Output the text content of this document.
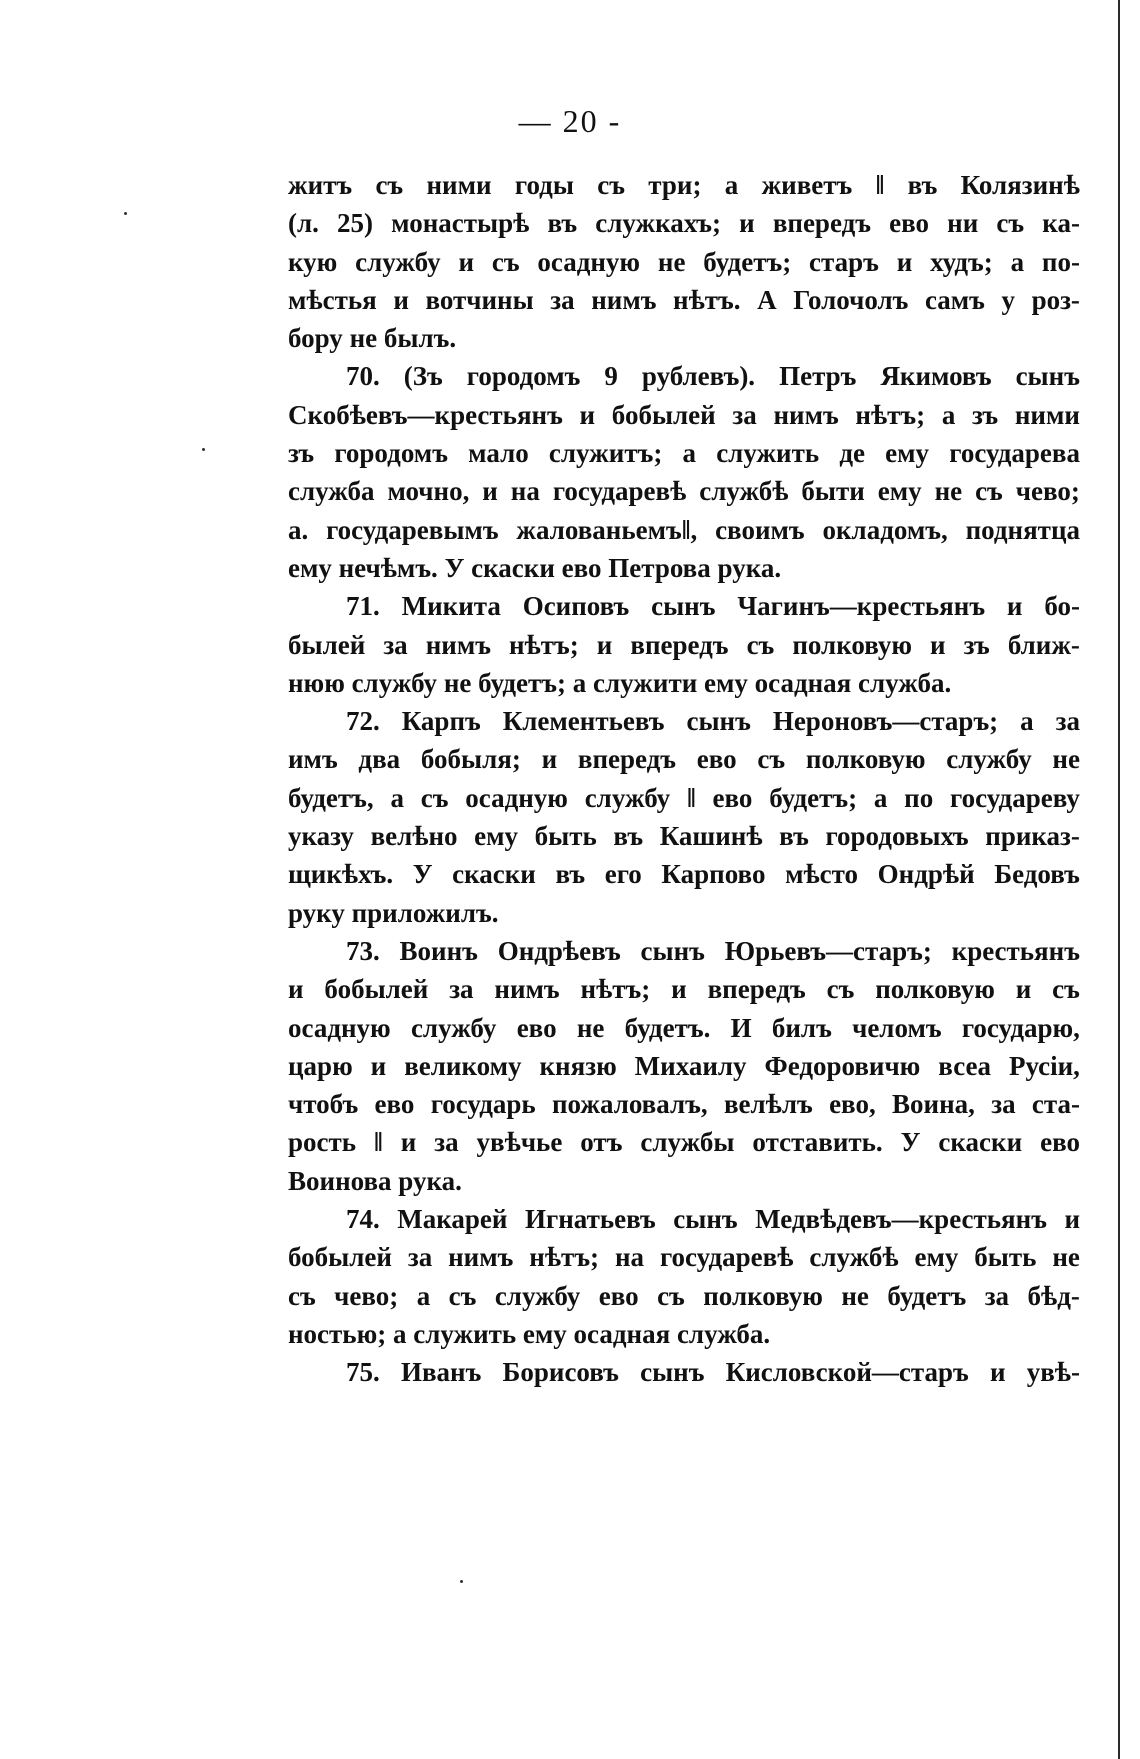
— 20 -
житъ съ ними годы съ три; а живетъ ‖ въ Колязинѣ
(л. 25) монастырѣ въ служкахъ; и впередъ ево ни съ ка-
кую службу и съ осадную не будетъ; старъ и худъ; а по-
мѣстья и вотчины за нимъ нѣтъ. А Голочолъ самъ у роз-
бору не былъ.
70. (Зъ городомъ 9 рублевъ). Петръ Якимовъ сынъ
Скобѣевъ—крестьянъ и бобылей за нимъ нѣтъ; а зъ ними
зъ городомъ мало служитъ; а служить де ему государева
служба мочно, и на государевѣ службѣ быти ему не съ чево;
а. государевымъ жалованьемъ‖, своимъ окладомъ, поднятца
ему нечѣмъ. У скаски ево Петрова рука.
71. Микита Осиповъ сынъ Чагинъ—крестьянъ и бо-
былей за нимъ нѣтъ; и впередъ съ полковую и зъ ближ-
нюю службу не будетъ; а служити ему осадная служба.
72. Карпъ Клементьевъ сынъ Нероновъ—старъ; а за
имъ два бобыля; и впередъ ево съ полковую службу не
будетъ, а съ осадную службу ‖ ево будетъ; а по государеву
указу велѣно ему быть въ Кашинѣ въ городовыхъ приказ-
щикѣхъ. У скаски въ его Карпово мѣсто Ондрѣй Бедовъ
руку приложилъ.
73. Воинъ Ондрѣевъ сынъ Юрьевъ—старъ; крестьянъ
и бобылей за нимъ нѣтъ; и впередъ съ полковую и съ
осадную службу ево не будетъ. И билъ челомъ государю,
царю и великому князю Михаилу Федоровичю всеа Русіи,
чтобъ ево государь пожаловалъ, велѣлъ ево, Воина, за ста-
рость ‖ и за увѣчье отъ службы отставить. У скаски ево
Воинова рука.
74. Макарей Игнатьевъ сынъ Медвѣдевъ—крестьянъ и
бобылей за нимъ нѣтъ; на государевѣ службѣ ему быть не
съ чево; а съ службу ево съ полковую не будетъ за бѣд-
ностью; а служить ему осадная служба.
75. Иванъ Борисовъ сынъ Кисловской—старъ и увѣ-
